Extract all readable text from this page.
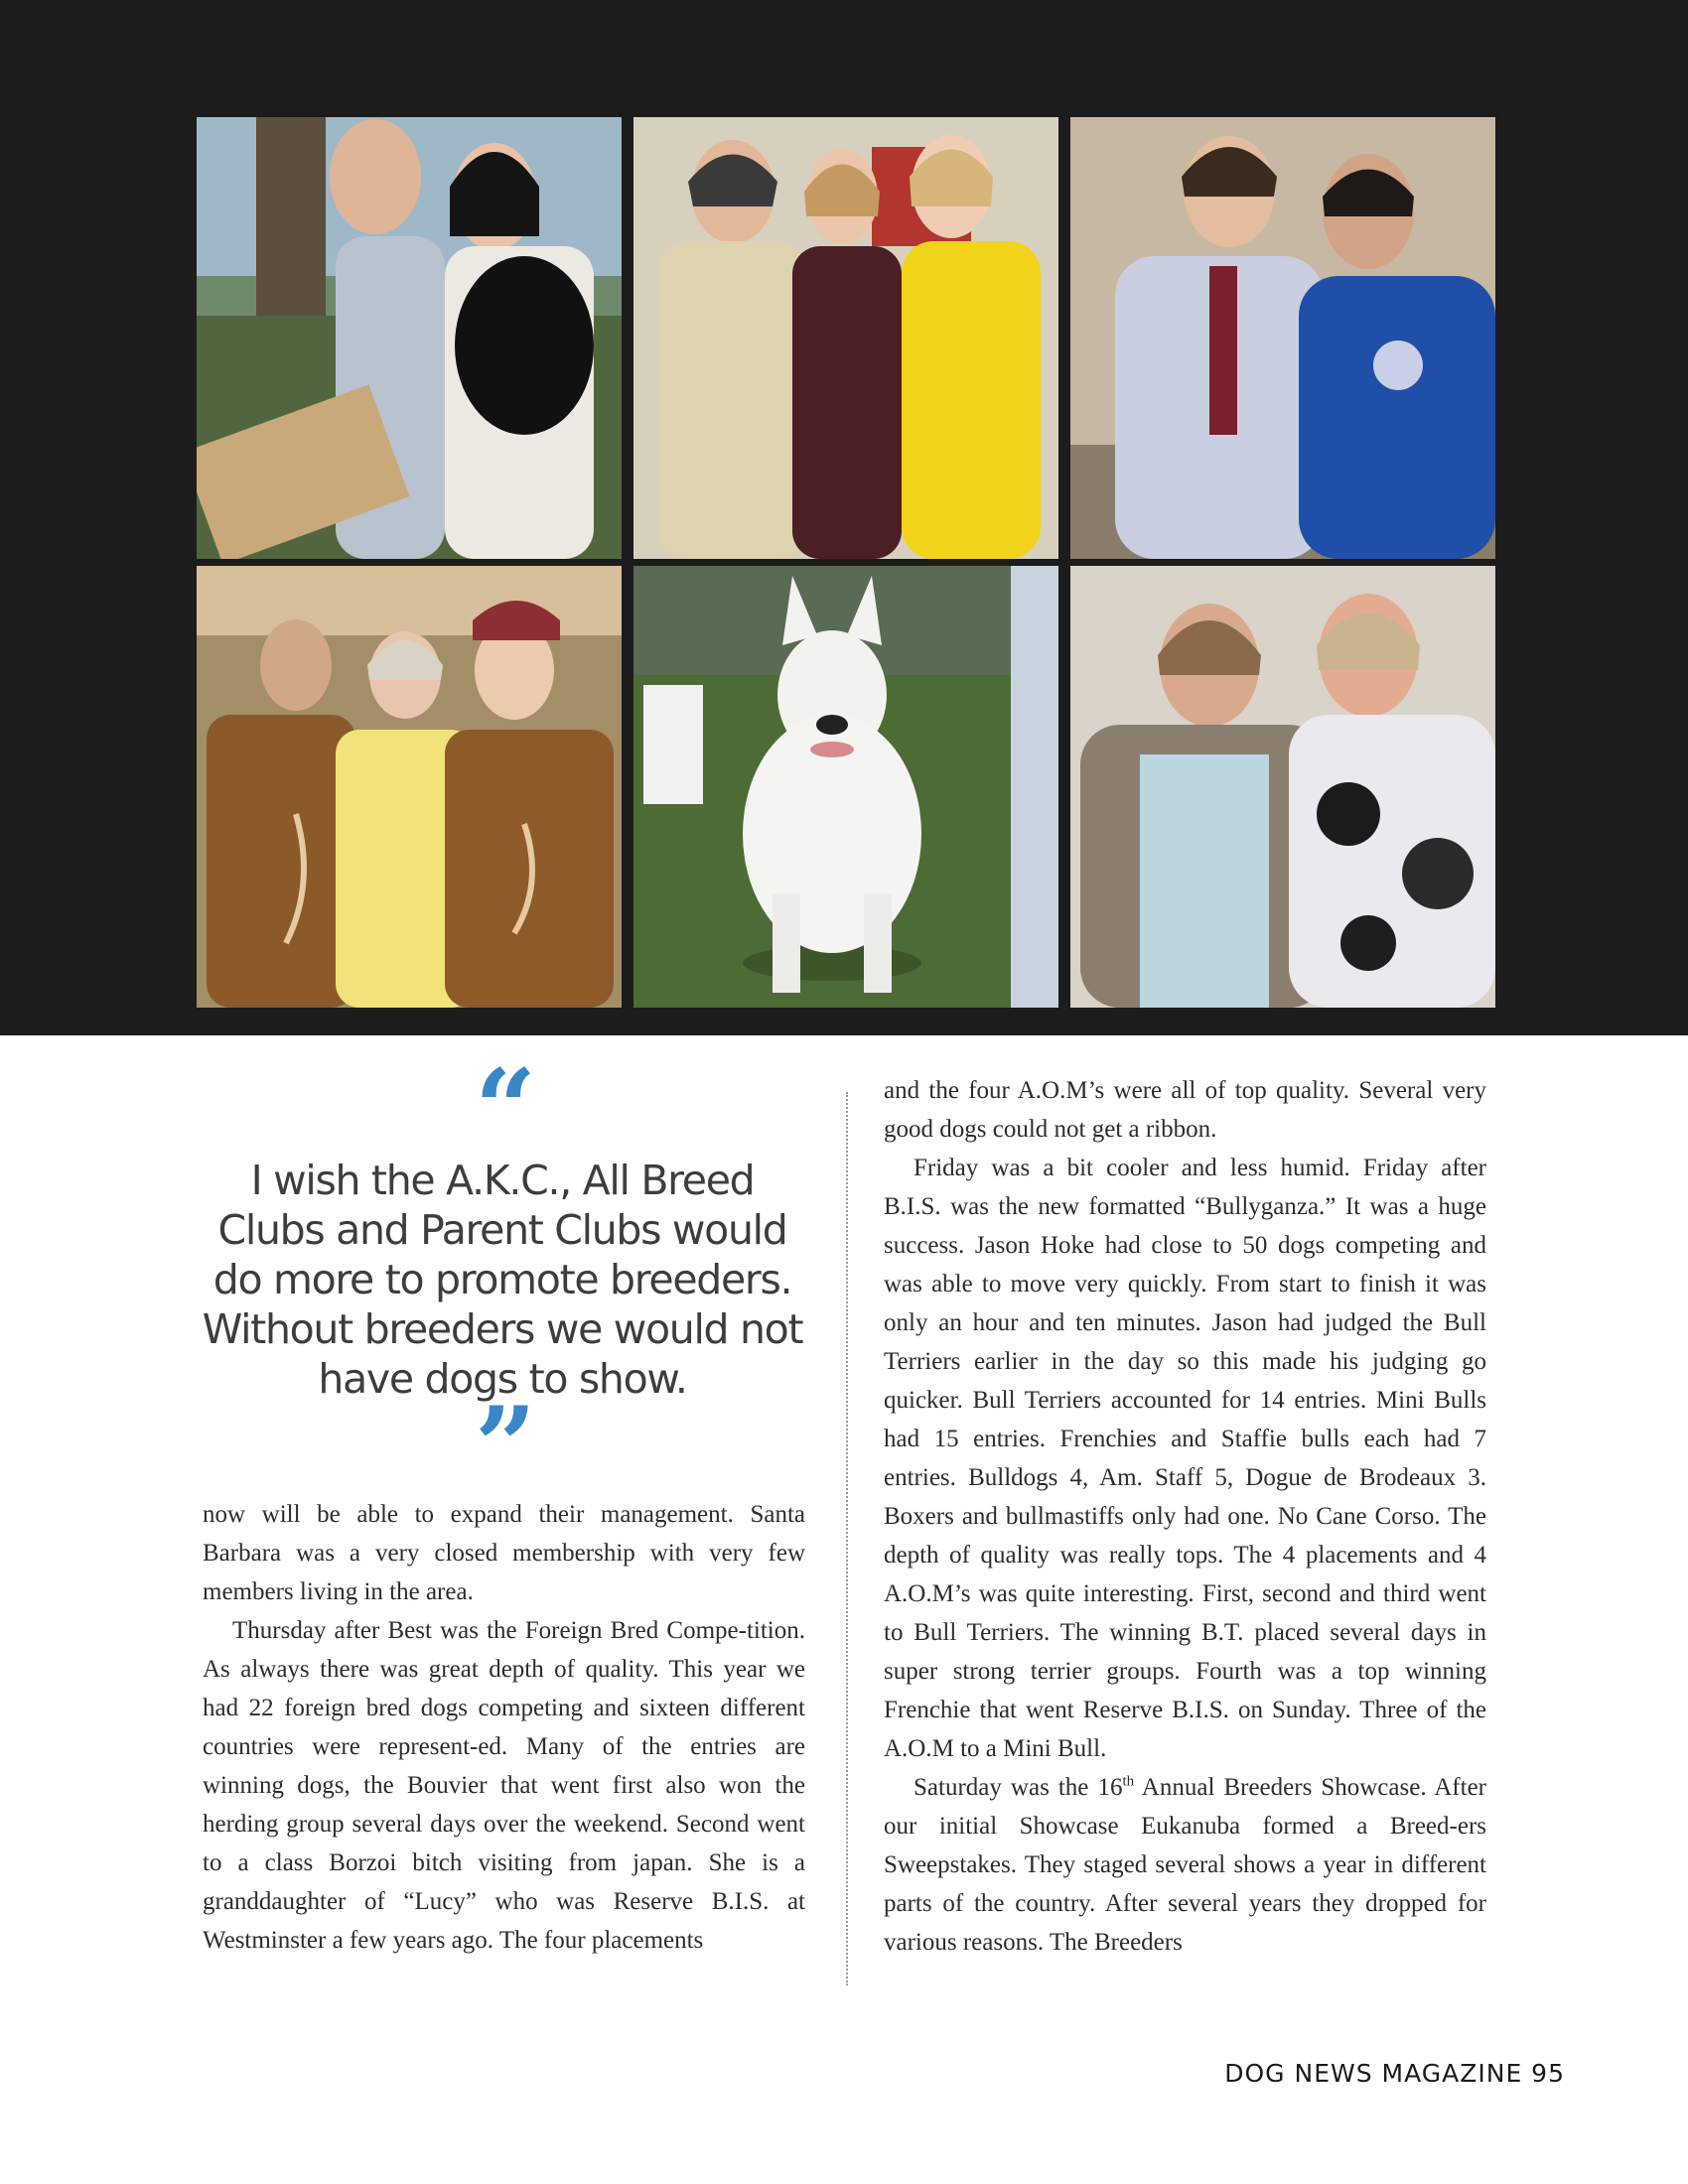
“
I wish the A.K.C., All Breed Clubs and Parent Clubs would do more to promote breeders. Without breeders we would not have dogs to show.
”

now will be able to expand their management. Santa Barbara was a very closed membership with very few members living in the area.

Thursday after Best was the Foreign Bred Compe-tition. As always there was great depth of quality. This year we had 22 foreign bred dogs competing and sixteen different countries were represent-ed. Many of the entries are winning dogs, the Bouvier that went first also won the herding group several days over the weekend. Second went to a class Borzoi bitch visiting from japan. She is a granddaughter of “Lucy” who was Reserve B.I.S. at Westminster a few years ago. The four placements

and the four A.O.M’s were all of top quality. Several very good dogs could not get a ribbon.

Friday was a bit cooler and less humid. Friday after B.I.S. was the new formatted “Bullyganza.” It was a huge success. Jason Hoke had close to 50 dogs competing and was able to move very quickly. From start to finish it was only an hour and ten minutes. Jason had judged the Bull Terriers earlier in the day so this made his judging go quicker. Bull Terriers accounted for 14 entries. Mini Bulls had 15 entries. Frenchies and Staffie bulls each had 7 entries. Bulldogs 4, Am. Staff 5, Dogue de Brodeaux 3. Boxers and bullmastiffs only had one. No Cane Corso. The depth of quality was really tops. The 4 placements and 4 A.O.M’s was quite interesting. First, second and third went to Bull Terriers. The winning B.T. placed several days in super strong terrier groups. Fourth was a top winning Frenchie that went Reserve B.I.S. on Sunday. Three of the A.O.M to a Mini Bull.

Saturday was the 16th Annual Breeders Showcase. After our initial Showcase Eukanuba formed a Breed-ers Sweepstakes. They staged several shows a year in different parts of the country. After several years they dropped for various reasons. The Breeders

DOG NEWS MAGAZINE 95
